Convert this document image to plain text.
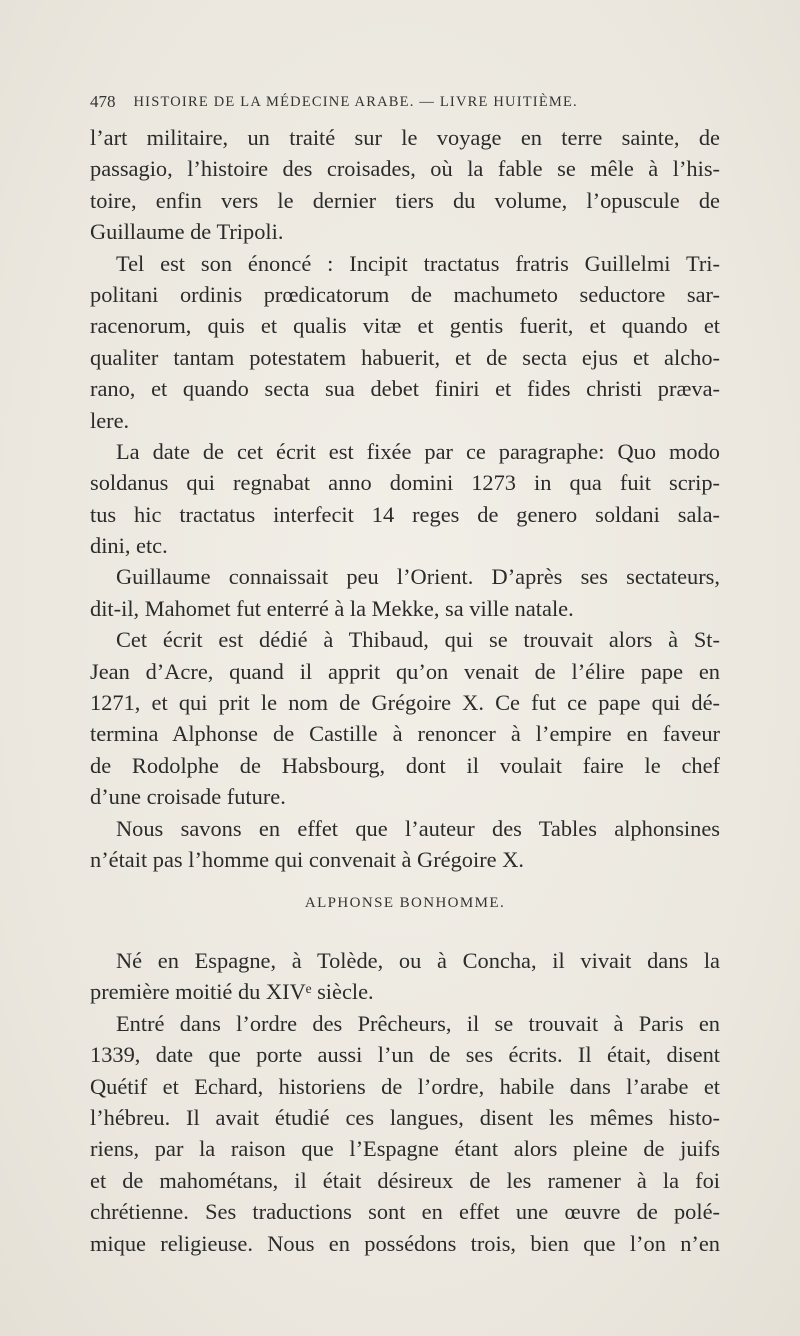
478 HISTOIRE DE LA MÉDECINE ARABE. — LIVRE HUITIÈME.
l’art militaire, un traité sur le voyage en terre sainte, de
passagio, l’histoire des croisades, où la fable se mêle à l’his-
toire, enfin vers le dernier tiers du volume, l’opuscule de
Guillaume de Tripoli.
Tel est son énoncé : Incipit tractatus fratris Guillelmi Tri-
politani ordinis prœdicatorum de machumeto seductore sar-
racenorum, quis et qualis vitæ et gentis fuerit, et quando et
qualiter tantam potestatem habuerit, et de secta ejus et alcho-
rano, et quando secta sua debet finiri et fides christi præva-
lere.
La date de cet écrit est fixée par ce paragraphe: Quo modo
soldanus qui regnabat anno domini 1273 in qua fuit scrip-
tus hic tractatus interfecit 14 reges de genero soldani sala-
dini, etc.
Guillaume connaissait peu l’Orient. D’après ses sectateurs,
dit-il, Mahomet fut enterré à la Mekke, sa ville natale.
Cet écrit est dédié à Thibaud, qui se trouvait alors à St-
Jean d’Acre, quand il apprit qu’on venait de l’élire pape en
1271, et qui prit le nom de Grégoire X. Ce fut ce pape qui dé-
termina Alphonse de Castille à renoncer à l’empire en faveur
de Rodolphe de Habsbourg, dont il voulait faire le chef
d’une croisade future.
Nous savons en effet que l’auteur des Tables alphonsines
n’était pas l’homme qui convenait à Grégoire X.
ALPHONSE BONHOMME.
Né en Espagne, à Tolède, ou à Concha, il vivait dans la
première moitié du XIVᵉ siècle.
Entré dans l’ordre des Prêcheurs, il se trouvait à Paris en
1339, date que porte aussi l’un de ses écrits. Il était, disent
Quétif et Echard, historiens de l’ordre, habile dans l’arabe et
l’hébreu. Il avait étudié ces langues, disent les mêmes histo-
riens, par la raison que l’Espagne étant alors pleine de juifs
et de mahométans, il était désireux de les ramener à la foi
chrétienne. Ses traductions sont en effet une œuvre de polé-
mique religieuse. Nous en possédons trois, bien que l’on n’en
